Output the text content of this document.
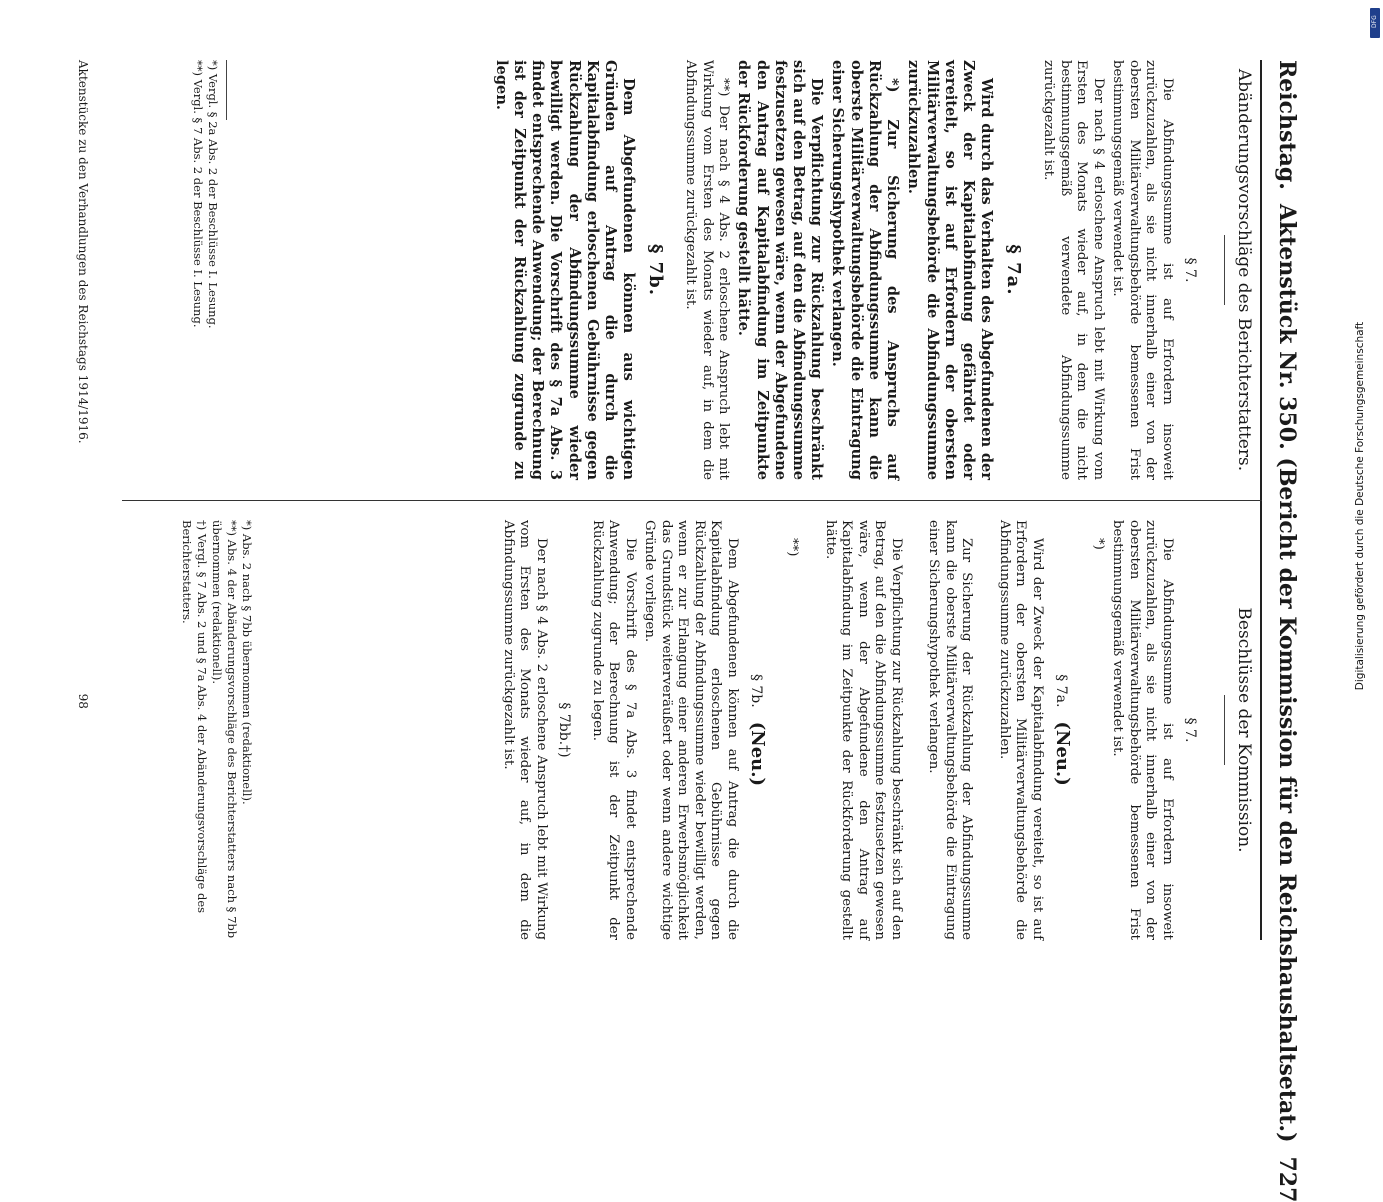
Reichstag.
Aktenstück Nr. 350. (Bericht der Kommission für den Reichshaushaltsetat.)
727
Abänderungsvorschläge des Berichterstatters.
§ 7.

Die Abfindungssumme ist auf Erfordern insoweit zurückzuzahlen, als sie nicht innerhalb einer von der obersten Militärverwaltungsbehörde bemessenen Frist bestimmungsgemäß verwendet ist.

Der nach § 4 erloschene Anspruch lebt mit Wirkung vom Ersten des Monats wieder auf, in dem die nicht bestimmungsgemäß verwendete Abfindungssumme zurückgezahlt ist.

§ 7a.

Wird durch das Verhalten des Abgefundenen der Zweck der Kapitalabfindung gefährdet oder vereitelt, so ist auf Erfordern der obersten Militärverwaltungsbehörde die Abfindungssumme zurückzuzahlen.

*) Zur Sicherung des Anspruchs auf Rückzahlung der Abfindungssumme kann die oberste Militärverwaltungsbehörde die Eintragung einer Sicherungshypothek verlangen.

Die Verpflichtung zur Rückzahlung beschränkt sich auf den Betrag, auf den die Abfindungssumme festzusetzen gewesen wäre, wenn der Abgefundene den Antrag auf Kapitalabfindung im Zeitpunkte der Rückforderung gestellt hätte.

**) Der nach § 4 Abs. 2 erloschene Anspruch lebt mit Wirkung vom Ersten des Monats wieder auf, in dem die Abfindungssumme zurückgezahlt ist.

§ 7b.

Dem Abgefundenen können aus wichtigen Gründen auf Antrag die durch die Kapitalabfindung erloschenen Gebührnisse gegen Rückzahlung der Abfindungssumme wieder bewilligt werden. Die Vorschrift des § 7a Abs. 3 findet entsprechende Anwendung; der Berechnung ist der Zeitpunkt der Rückzahlung zugrunde zu legen.

*) Vergl. § 2a Abs. 2 der Beschlüsse I. Lesung.
**) Vergl. § 7 Abs. 2 der Beschlüsse I. Lesung.
Beschlüsse der Kommission.
§ 7.

Die Abfindungssumme ist auf Erfordern insoweit zurückzuzahlen, als sie nicht innerhalb einer von der obersten Militärverwaltungsbehörde bemessenen Frist bestimmungsgemäß verwendet ist.

*)

§ 7a.(Neu.)

Wird der Zweck der Kapitalabfindung vereitelt, so ist auf Erfordern der obersten Militärverwaltungsbehörde die Abfindungssumme zurückzuzahlen.

Zur Sicherung der Rückzahlung der Abfindungssumme kann die oberste Militärverwaltungsbehörde die Eintragung einer Sicherungshypothek verlangen.

Die Verpflichtung zur Rückzahlung beschränkt sich auf den Betrag, auf den die Abfindungssumme festzusetzen gewesen wäre, wenn der Abgefundene den Antrag auf Kapitalabfindung im Zeitpunkte der Rückforderung gestellt hätte.

**)

§ 7b.(Neu.)

Dem Abgefundenen können auf Antrag die durch die Kapitalabfindung erloschenen Gebührnisse gegen Rückzahlung der Abfindungssumme wieder bewilligt werden, wenn er zur Erlangung einer anderen Erwerbsmöglichkeit das Grundstück weiterveräußert oder wenn andere wichtige Gründe vorliegen.

Die Vorschrift des § 7a Abs. 3 findet entsprechende Anwendung; der Berechnung ist der Zeitpunkt der Rückzahlung zugrunde zu legen.

§ 7bb.†)

Der nach § 4 Abs. 2 erloschene Anspruch lebt mit Wirkung vom Ersten des Monats wieder auf, in dem die Abfindungssumme zurückgezahlt ist.

*) Abs. 2 nach § 7bb übernommen (redaktionell).
**) Abs. 4 der Abänderungsvorschläge des Berichterstatters nach § 7bb übernommen (redaktionell).
†) Vergl. § 7 Abs. 2 und § 7a Abs. 4 der Abänderungsvorschläge des Berichterstatters.
Aktenstücke zu den Verhandlungen des Reichstags 1914/1916.
98
Digitalisierung gefördert durch die Deutsche Forschungsgemeinschaft
DFG
